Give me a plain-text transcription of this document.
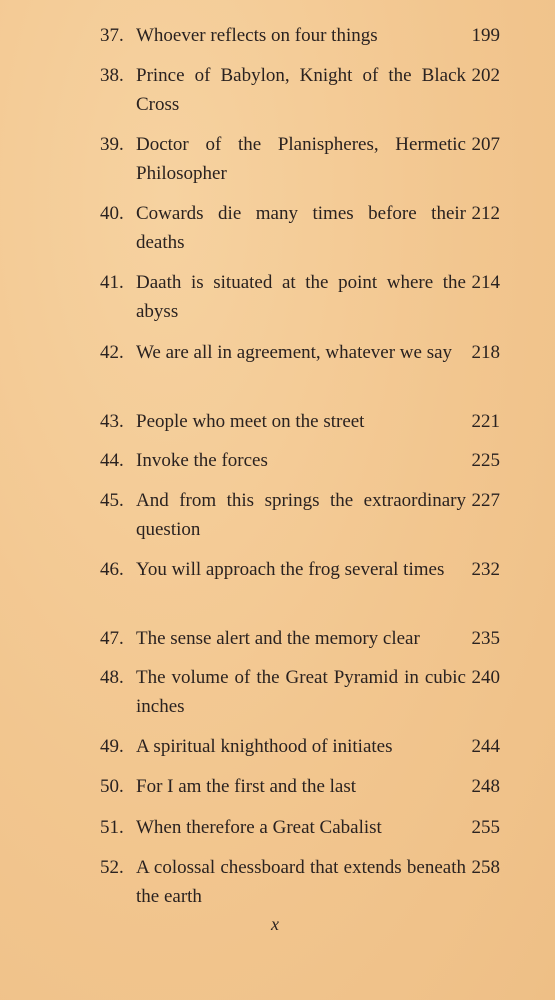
37. Whoever reflects on four things	199
38. Prince of Babylon, Knight of the Black Cross
202
39. Doctor of the Planispheres, Hermetic Philosopher
207
40. Cowards die many times before their deaths
212
41. Daath is situated at the point where the abyss
214
42. We are all in agreement, whatever we say	218
43. People who meet on the street	221
44. Invoke the forces	225
45. And from this springs the extraordinary question
227
46. You will approach the frog several times	232
47. The sense alert and the memory clear	235
48. The volume of the Great Pyramid in cubic inches
240
49. A spiritual knighthood of initiates	244
50. For I am the first and the last	248
51. When therefore a Great Cabalist	255
52. A colossal chessboard that extends beneath the earth
258
x
